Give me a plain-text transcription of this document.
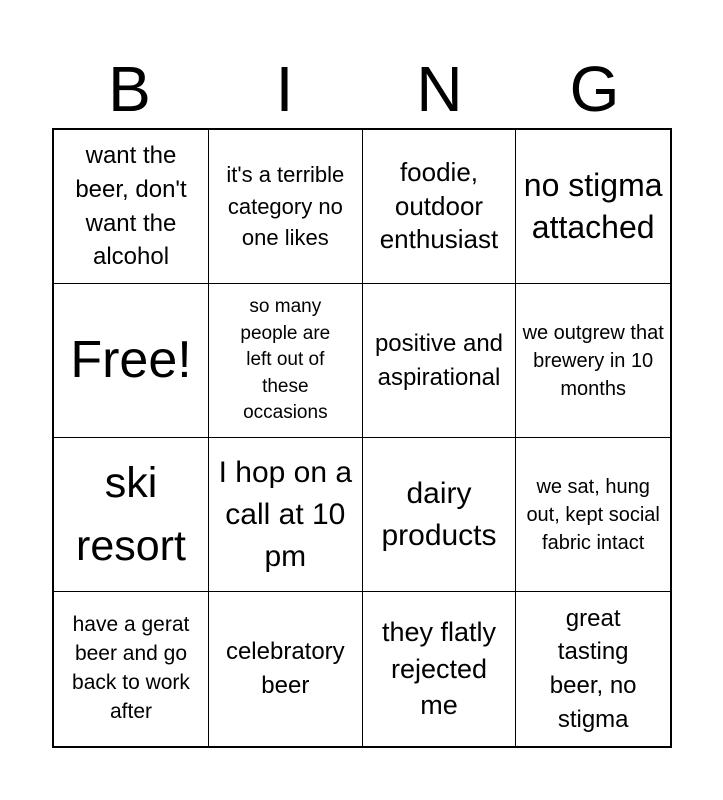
B	I	N	G
want the beer, don't want the alcohol
it's a terrible category no one likes
foodie, outdoor enthusiast
no stigma attached
Free!
so many people are left out of these occasions
positive and aspirational
we outgrew that brewery in 10 months
ski resort
I hop on a call at 10 pm
dairy products
we sat, hung out, kept social fabric intact
have a gerat beer and go back to work after
celebratory beer
they flatly rejected me
great tasting beer, no stigma
